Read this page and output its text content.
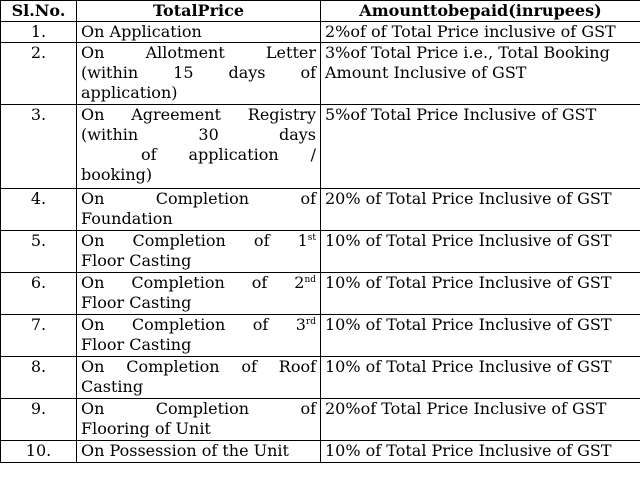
Sl.No.	TotalPrice	Amounttobepaid(inrupees)
1.	On Application	2%of of Total Price inclusive of GST

2.	On Allotment Letter
(within 15 days of
application)	3%of Total Price i.e., Total Booking
Amount Inclusive of GST

3.	On Agreement Registry
(within 30 days
of application /
booking)	5%of Total Price Inclusive of GST

4.	On Completion of
Foundation	20% of Total Price Inclusive of GST

5.	On Completion of 1st
Floor Casting	10% of Total Price Inclusive of GST

6.	On Completion of 2nd
Floor Casting	10% of Total Price Inclusive of GST

7.	On Completion of 3rd
Floor Casting	10% of Total Price Inclusive of GST

8.	On Completion of Roof
Casting	10% of Total Price Inclusive of GST

9.	On Completion of
Flooring of Unit	20%of Total Price Inclusive of GST

10.	On Possession of the Unit	10% of Total Price Inclusive of GST
